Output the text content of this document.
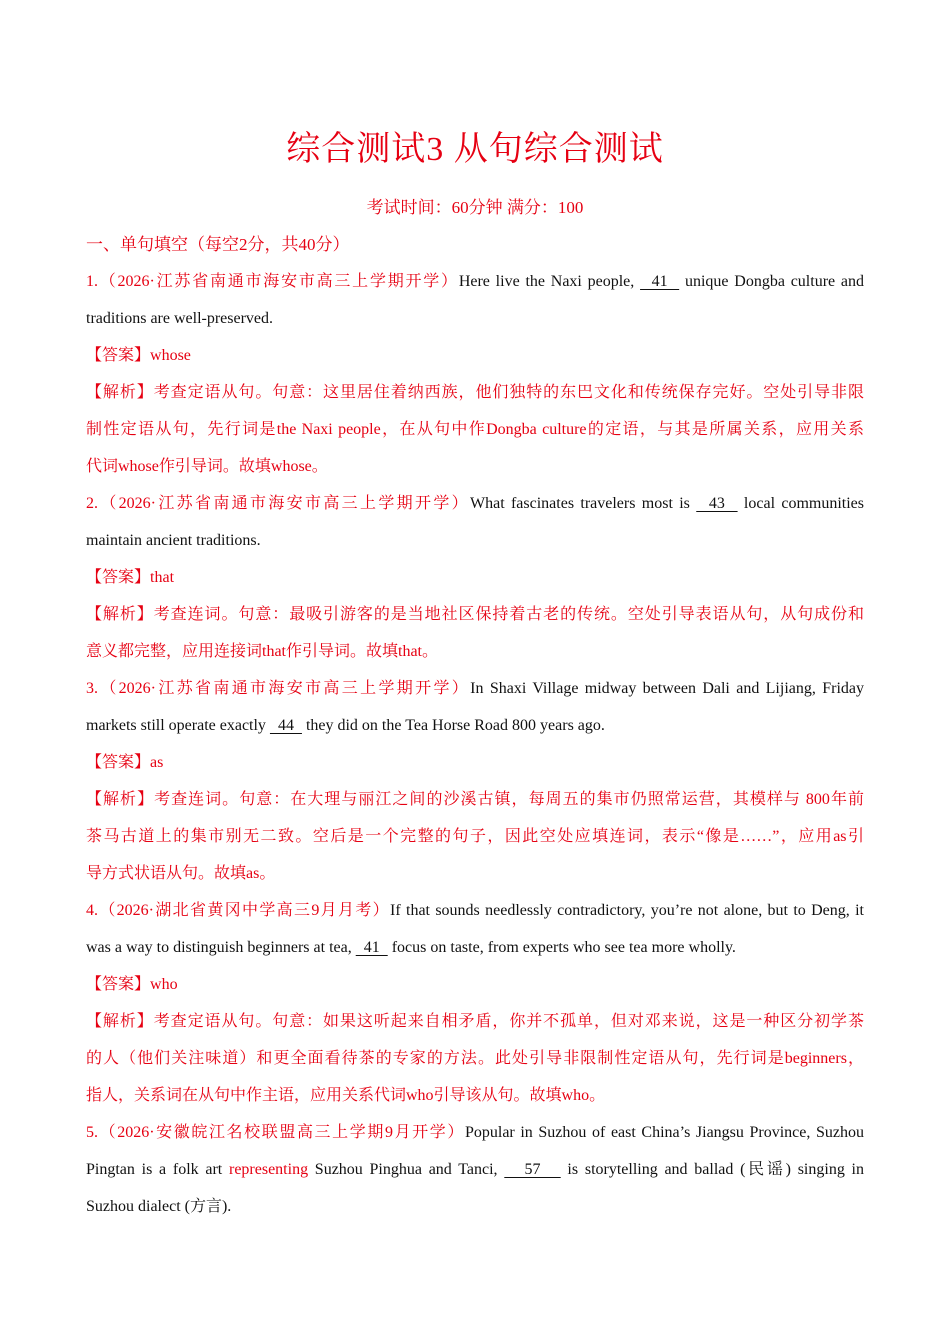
综合测试3 从句综合测试
考试时间：60分钟 满分：100
一、单句填空（每空2分，共40分）
1.（2026·江苏省南通市海安市高三上学期开学）Here live the Naxi people,   41   unique Dongba culture and
traditions are well-preserved.
【答案】whose
【解析】考查定语从句。句意：这里居住着纳西族，他们独特的东巴文化和传统保存完好。空处引导非限
制性定语从句，先行词是the Naxi people，在从句中作Dongba culture的定语，与其是所属关系，应用关系
代词whose作引导词。故填whose。
2.（2026·江苏省南通市海安市高三上学期开学）What fascinates travelers most is   43   local communities
maintain ancient traditions.
【答案】that
【解析】考查连词。句意：最吸引游客的是当地社区保持着古老的传统。空处引导表语从句，从句成份和
意义都完整，应用连接词that作引导词。故填that。
3.（2026·江苏省南通市海安市高三上学期开学）In Shaxi Village midway between Dali and Lijiang, Friday
markets still operate exactly   44   they did on the Tea Horse Road 800 years ago.
【答案】as
【解析】考查连词。句意：在大理与丽江之间的沙溪古镇，每周五的集市仍照常运营，其模样与 800年前
茶马古道上的集市别无二致。空后是一个完整的句子，因此空处应填连词，表示“像是……”，应用as引
导方式状语从句。故填as。
4.（2026·湖北省黄冈中学高三9月月考）If that sounds needlessly contradictory, you’re not alone, but to Deng, it
was a way to distinguish beginners at tea,   41   focus on taste, from experts who see tea more wholly.
【答案】who
【解析】考查定语从句。句意：如果这听起来自相矛盾，你并不孤单，但对邓来说，这是一种区分初学茶
的人（他们关注味道）和更全面看待茶的专家的方法。此处引导非限制性定语从句，先行词是beginners，
指人，关系词在从句中作主语，应用关系代词who引导该从句。故填who。
5.（2026·安徽皖江名校联盟高三上学期9月开学）Popular in Suzhou of east China’s Jiangsu Province, Suzhou
Pingtan is a folk art representing Suzhou Pinghua and Tanci,    57    is storytelling and ballad (民谣) singing in
Suzhou dialect (方言).
